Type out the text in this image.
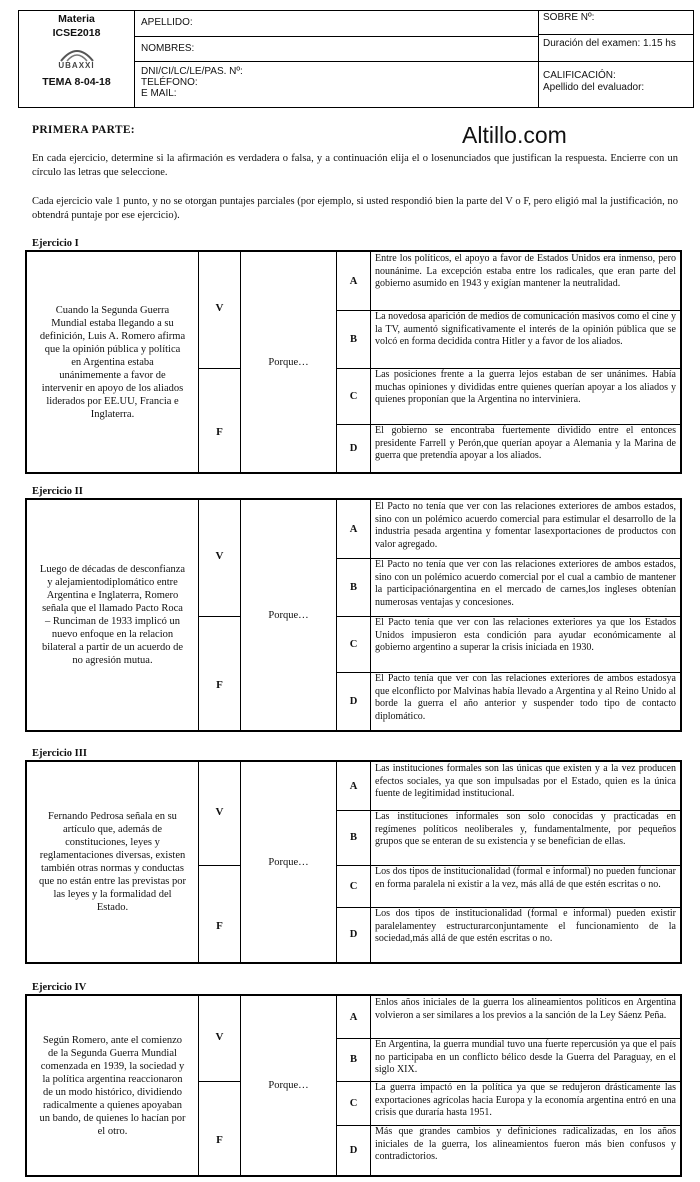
Materia
ICSE2018
UBAXXI
TEMA 8-04-18
APELLIDO:
NOMBRES:
DNI/CI/LC/LE/PAS. Nº:
TELÉFONO:
E MAIL:
SOBRE Nº:
Duración del examen: 1.15 hs
CALIFICACIÓN:
Apellido del evaluador:
PRIMERA PARTE:	Altillo.com
En cada ejercicio, determine si la afirmación es verdadera o falsa, y a continuación elija el o losenunciados que justifican la respuesta. Encierre con un círculo las letras que seleccione.
Cada ejercicio vale 1 punto, y no se otorgan puntajes parciales (por ejemplo, si usted respondió bien la parte del V o F, pero eligió mal la justificación, no obtendrá puntaje por ese ejercicio).
Ejercicio I
Cuando la Segunda Guerra Mundial estaba llegando a su definición, Luis A. Romero afirma que la opinión pública y política en Argentina estaba unánimemente a favor de intervenir en apoyo de los aliados liderados por EE.UU, Francia e Inglaterra.
V
F
Porque…
A
Entre los políticos, el apoyo a favor de Estados Unidos era inmenso, pero nounánime. La excepción estaba entre los radicales, que eran parte del gobierno asumido en 1943 y exigían mantener la neutralidad.
B
La novedosa aparición de medios de comunicación masivos como el cine y la TV, aumentó significativamente el interés de la opinión pública que se volcó en forma decidida contra Hitler y a favor de los aliados.
C
Las posiciones frente a la guerra lejos estaban de ser unánimes. Había muchas opiniones y divididas entre quienes querían apoyar a los aliados y quienes proponían que la Argentina no interviniera.
D
El gobierno se encontraba fuertemente dividido entre el entonces presidente Farrell y Perón,que querían apoyar a Alemania y la Marina de guerra que pretendía apoyar a los aliados.
Ejercicio II
Luego de décadas de desconfianza y alejamientodiplomático entre Argentina e Inglaterra, Romero señala que el llamado Pacto Roca – Runciman de 1933 implicó un nuevo enfoque en la relacion bilateral a partir de un acuerdo de no agresión mutua.
V
F
Porque…
A
El Pacto no tenía que ver con las relaciones exteriores de ambos estados, sino con un polémico acuerdo comercial para estimular el desarrollo de la industria pesada argentina y fomentar lasexportaciones de productos con valor agregado.
B
El Pacto no tenía que ver con las relaciones exteriores de ambos estados, sino con un polémico acuerdo comercial por el cual a cambio de mantener la participaciónargentina en el mercado de carnes,los ingleses obtenían numerosas ventajas y concesiones.
C
El Pacto tenía que ver con las relaciones exteriores ya que los Estados Unidos impusieron esta condición para ayudar económicamente al gobierno argentino a superar la crisis iniciada en 1930.
D
El Pacto tenía que ver con las relaciones exteriores de ambos estadosya que elconflicto por Malvinas había llevado a Argentina y al Reino Unido al borde la guerra el año anterior y suspender todo tipo de contacto diplomático.
Ejercicio III
Fernando Pedrosa señala en su artículo que, además de constituciones, leyes y reglamentaciones diversas, existen también otras normas y conductas que no están entre las previstas por las leyes y la formalidad del Estado.
V
F
Porque…
A
Las instituciones formales son las únicas que existen y a la vez producen efectos sociales, ya que son impulsadas por el Estado, quien es la única fuente de legitimidad institucional.
B
Las instituciones informales son solo conocidas y practicadas en regímenes políticos neoliberales y, fundamentalmente, por pequeños grupos que se enteran de su existencia y se benefician de ellas.
C
Los dos tipos de institucionalidad (formal e informal) no pueden funcionar en forma paralela ni existir a la vez, más allá de que estén escritas o no.
D
Los dos tipos de institucionalidad (formal e informal) pueden existir paralelamentey estructurarconjuntamente el funcionamiento de la sociedad,más allá de que estén escritas o no.
Ejercicio IV
Según Romero, ante el comienzo de la Segunda Guerra Mundial comenzada en 1939, la sociedad y la política argentina reaccionaron de un modo histórico, dividiendo radicalmente a quienes apoyaban un bando, de quienes lo hacían por el otro.
V
F
Porque…
A
Enlos años iniciales de la guerra los alineamientos políticos en Argentina volvieron a ser similares a los previos a la sanción de la Ley Sáenz Peña.
B
En Argentina, la guerra mundial tuvo una fuerte repercusión ya que el país no participaba en un conflicto bélico desde la Guerra del Paraguay, en el siglo XIX.
C
La guerra impactó en la política ya que se redujeron drásticamente las exportaciones agrícolas hacia Europa y la economía argentina entró en una crisis que duraría hasta 1951.
D
Más que grandes cambios y definiciones radicalizadas, en los años iniciales de la guerra, los alineamientos fueron más bien confusos y contradictorios.
